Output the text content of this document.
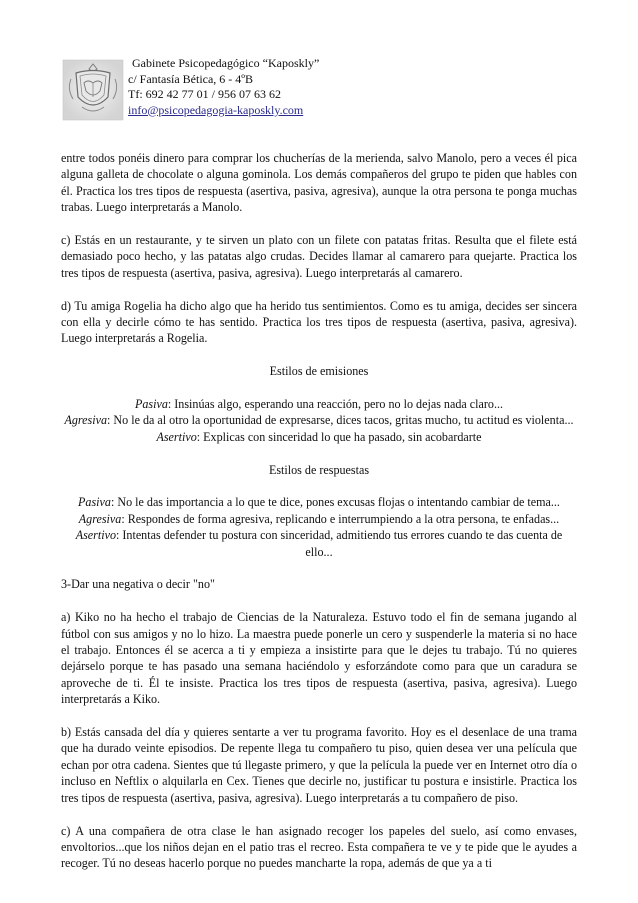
Gabinete Psicopedagógico “Kaposkly”
c/ Fantasía Bética, 6 - 4ºB
Tf: 692 42 77 01 / 956 07 63 62
info@psicopedagogia-kaposkly.com

entre todos ponéis dinero para comprar los chucherías de la merienda, salvo Manolo, pero a veces él pica alguna galleta de chocolate o alguna gominola. Los demás compañeros del grupo te piden que hables con él. Practica los tres tipos de respuesta (asertiva, pasiva, agresiva), aunque la otra persona te ponga muchas trabas. Luego interpretarás a Manolo.

c) Estás en un restaurante, y te sirven un plato con un filete con patatas fritas. Resulta que el filete está demasiado poco hecho, y las patatas algo crudas. Decides llamar al camarero para quejarte. Practica los tres tipos de respuesta (asertiva, pasiva, agresiva). Luego interpretarás al camarero.

d) Tu amiga Rogelia ha dicho algo que ha herido tus sentimientos. Como es tu amiga, decides ser sincera con ella y decirle cómo te has sentido. Practica los tres tipos de respuesta (asertiva, pasiva, agresiva). Luego interpretarás a Rogelia.

Estilos de emisiones

Pasiva: Insinúas algo, esperando una reacción, pero no lo dejas nada claro...

Agresiva: No le da al otro la oportunidad de expresarse, dices tacos, gritas mucho, tu actitud es violenta...

Asertivo: Explicas con sinceridad lo que ha pasado, sin acobardarte

Estilos de respuestas

Pasiva: No le das importancia a lo que te dice, pones excusas flojas o intentando cambiar de tema...

Agresiva: Respondes de forma agresiva, replicando e interrumpiendo a la otra persona, te enfadas...

Asertivo: Intentas defender tu postura con sinceridad, admitiendo tus errores cuando te das cuenta de ello...

3-Dar una negativa o decir "no"

a) Kiko no ha hecho el trabajo de Ciencias de la Naturaleza. Estuvo todo el fin de semana jugando al fútbol con sus amigos y no lo hizo. La maestra puede ponerle un cero y suspenderle la materia si no hace el trabajo. Entonces él se acerca a ti y empieza a insistirte para que le dejes tu trabajo. Tú no quieres dejárselo porque te has pasado una semana haciéndolo y esforzándote como para que un caradura se aproveche de ti. Él te insiste. Practica los tres tipos de respuesta (asertiva, pasiva, agresiva). Luego interpretarás a Kiko.

b) Estás cansada del día y quieres sentarte a ver tu programa favorito. Hoy es el desenlace de una trama que ha durado veinte episodios. De repente llega tu compañero tu piso, quien desea ver una película que echan por otra cadena. Sientes que tú llegaste primero, y que la película la puede ver en Internet otro día o incluso en Neftlix o alquilarla en Cex. Tienes que decirle no, justificar tu postura e insistirle. Practica los tres tipos de respuesta (asertiva, pasiva, agresiva). Luego interpretarás a tu compañero de piso.

c) A una compañera de otra clase le han asignado recoger los papeles del suelo, así como envases, envoltorios...que los niños dejan en el patio tras el recreo. Esta compañera te ve y te pide que le ayudes a recoger. Tú no deseas hacerlo porque no puedes mancharte la ropa, además de que ya a ti
